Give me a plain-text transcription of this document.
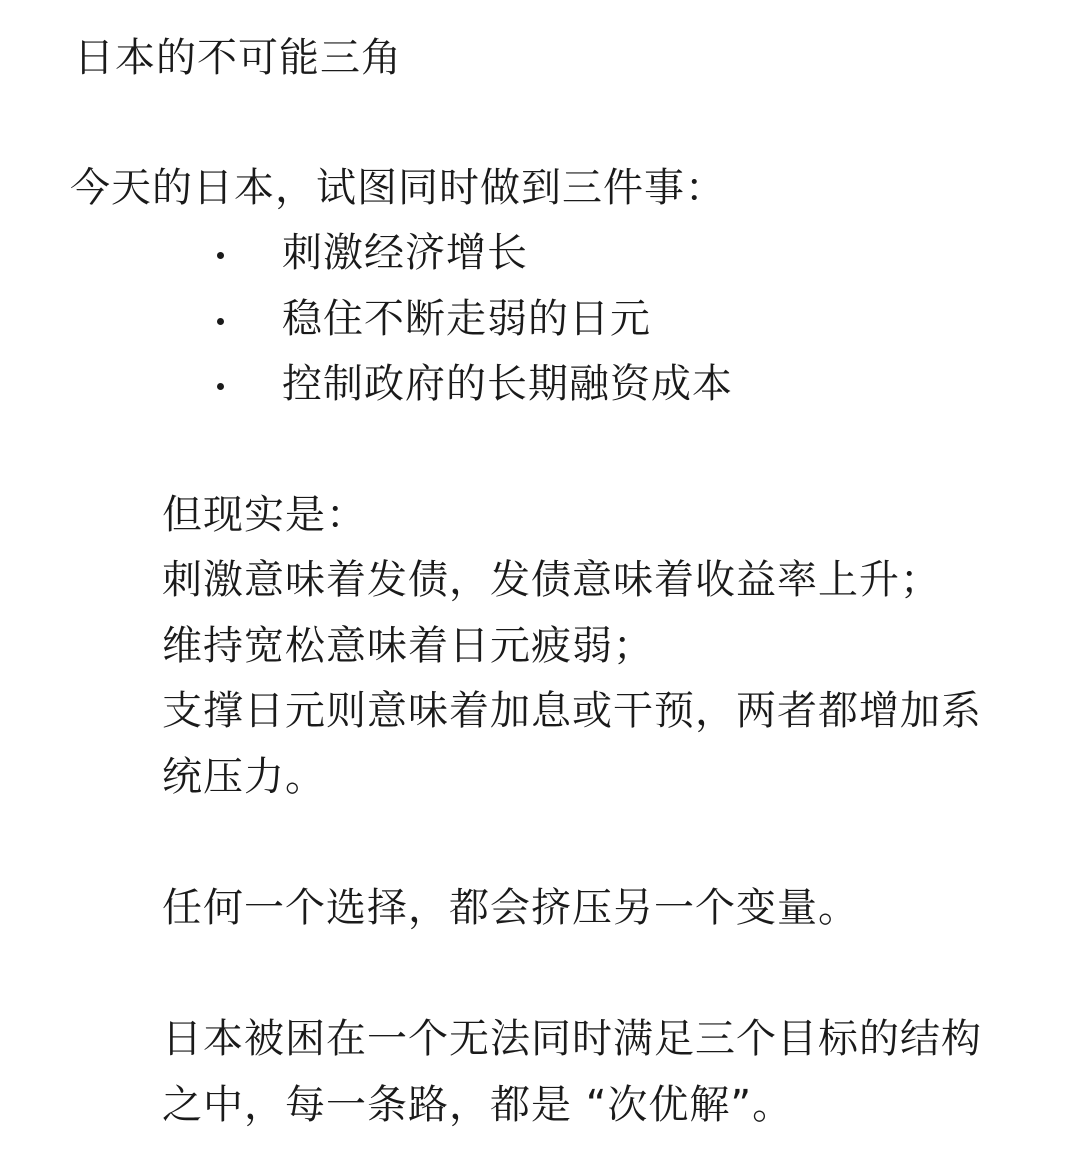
日本的不可能三角
今天的日本，试图同时做到三件事：
刺激经济增长
稳住不断走弱的日元
控制政府的长期融资成本
但现实是：
刺激意味着发债，发债意味着收益率上升；
维持宽松意味着日元疲弱；
支撑日元则意味着加息或干预，两者都增加系
统压力。
任何一个选择，都会挤压另一个变量。
日本被困在一个无法同时满足三个目标的结构
之中，每一条路，都是 “次优解”。
